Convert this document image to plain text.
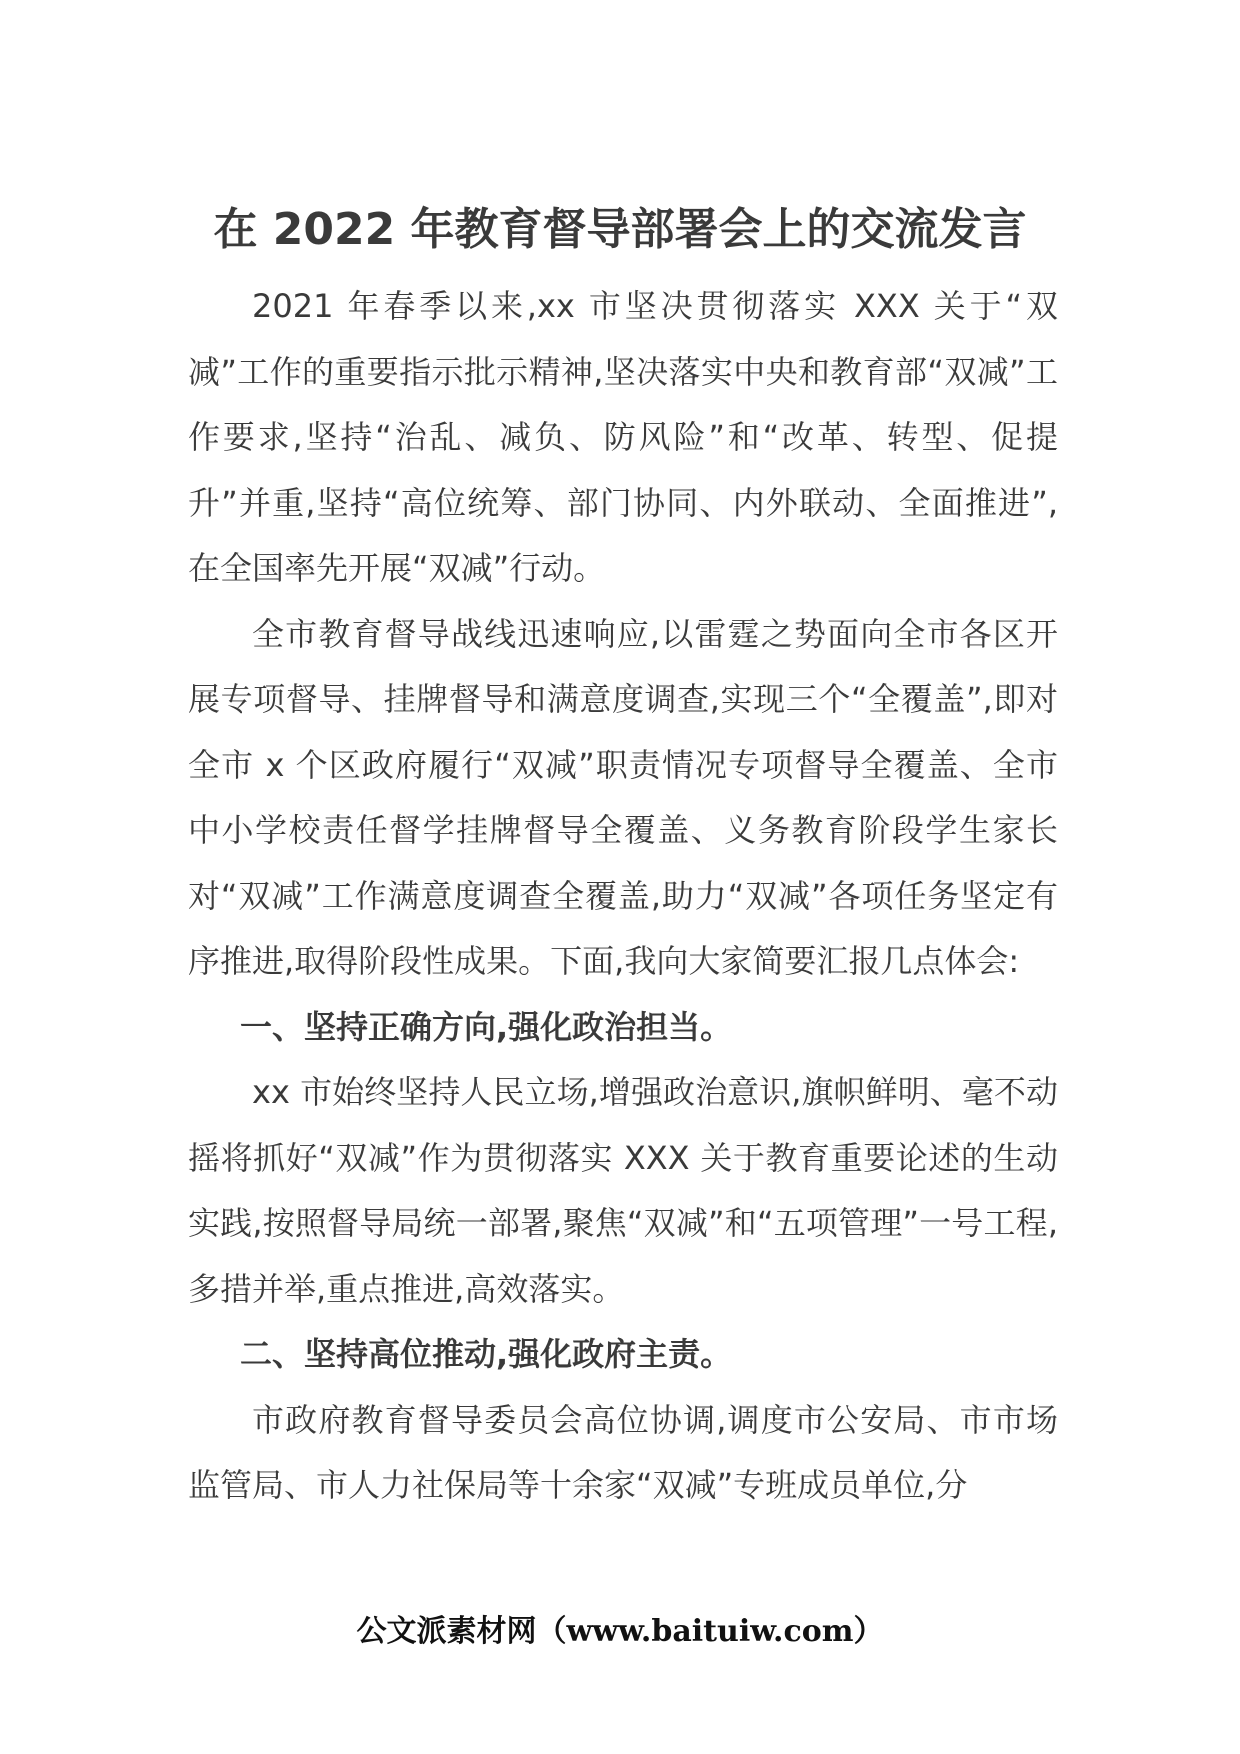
在 2022 年教育督导部署会上的交流发言

2021 年春季以来,xx 市坚决贯彻落实 XXX 关于“双减”工作的重要指示批示精神,坚决落实中央和教育部“双减”工作要求,坚持“治乱、减负、防风险”和“改革、转型、促提升”并重,坚持“高位统筹、部门协同、内外联动、全面推进”,在全国率先开展“双减”行动。

全市教育督导战线迅速响应,以雷霆之势面向全市各区开展专项督导、挂牌督导和满意度调查,实现三个“全覆盖”,即对全市 x 个区政府履行“双减”职责情况专项督导全覆盖、全市中小学校责任督学挂牌督导全覆盖、义务教育阶段学生家长对“双减”工作满意度调查全覆盖,助力“双减”各项任务坚定有序推进,取得阶段性成果。下面,我向大家简要汇报几点体会:

一、坚持正确方向,强化政治担当。

xx 市始终坚持人民立场,增强政治意识,旗帜鲜明、毫不动摇将抓好“双减”作为贯彻落实 XXX 关于教育重要论述的生动实践,按照督导局统一部署,聚焦“双减”和“五项管理”一号工程,多措并举,重点推进,高效落实。

二、坚持高位推动,强化政府主责。

市政府教育督导委员会高位协调,调度市公安局、市市场监管局、市人力社保局等十余家“双减”专班成员单位,分

公文派素材网（www.baituiw.com）
